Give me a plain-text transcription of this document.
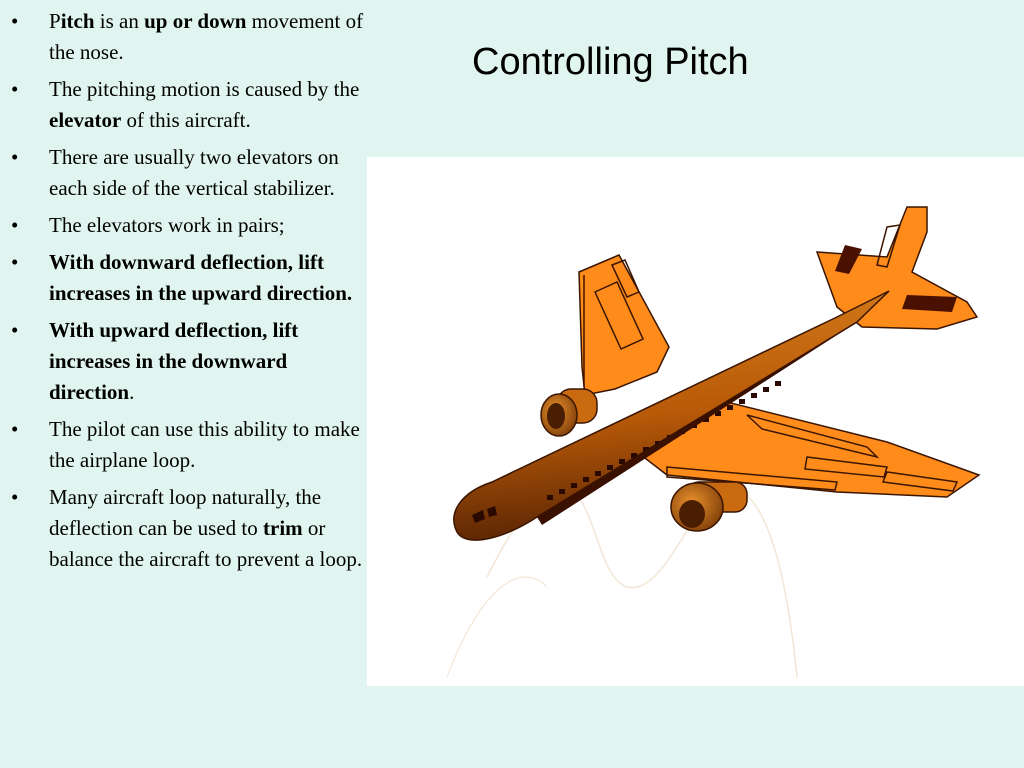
Controlling Pitch
• Pitch is an up or down movement of the nose.
• The pitching motion is caused by the elevator of this aircraft.
• There are usually two elevators on each side of the vertical stabilizer.
• The elevators work in pairs;
• With downward deflection, lift increases in the upward direction.
• With upward deflection, lift increases in the downward direction.
• The pilot can use this ability to make the airplane loop.
• Many aircraft loop naturally, the deflection can be used to trim or balance the aircraft to prevent a loop.
